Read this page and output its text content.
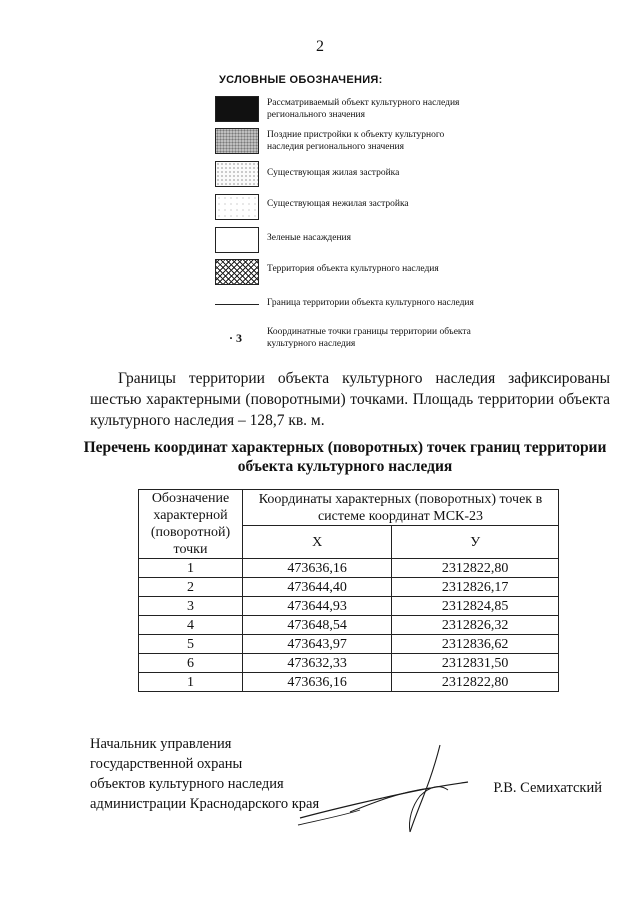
2
УСЛОВНЫЕ ОБОЗНАЧЕНИЯ:
Рассматриваемый объект культурного наследия регионального значения
Поздние пристройки к объекту культурного наследия регионального значения
Существующая жилая застройка
Существующая нежилая застройка
Зеленые насаждения
Территория объекта культурного наследия
Граница территории объекта культурного наследия
· 3	Координатные точки границы территории объекта культурного наследия
Границы территории объекта культурного наследия зафиксированы шестью характерными (поворотными) точками. Площадь территории объекта культурного наследия – 128,7 кв. м.
Перечень координат характерных (поворотных) точек границ территории объекта культурного наследия
Обозначение характерной (поворотной) точки	Координаты характерных (поворотных) точек в системе координат МСК-23	
	Х	У
1	473636,16	2312822,80
2	473644,40	2312826,17
3	473644,93	2312824,85
4	473648,54	2312826,32
5	473643,97	2312836,62
6	473632,33	2312831,50
1	473636,16	2312822,80
Начальник управления
государственной охраны
объектов культурного наследия
администрации Краснодарского края
Р.В. Семихатский
